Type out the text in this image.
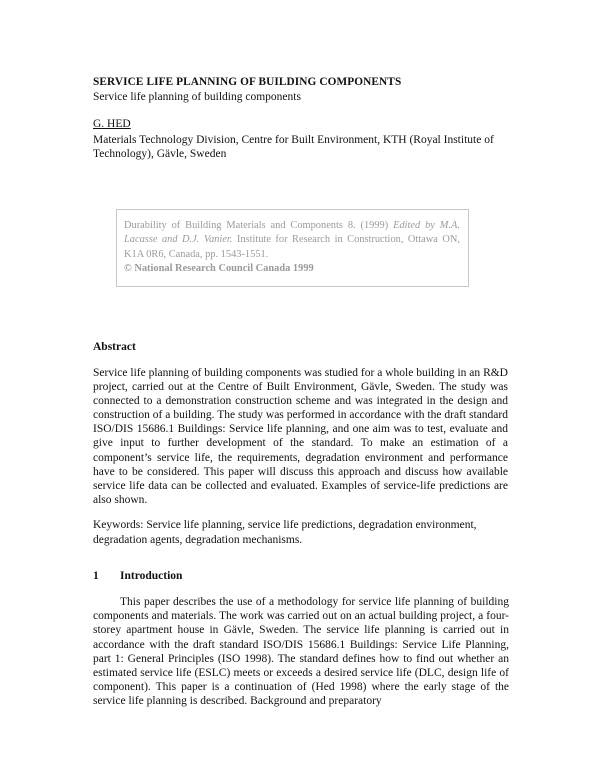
SERVICE LIFE PLANNING OF BUILDING COMPONENTS
Service life planning of building components
G. HED
Materials Technology Division, Centre for Built Environment, KTH (Royal Institute of Technology), Gävle, Sweden
Durability of Building Materials and Components 8. (1999) Edited by M.A. Lacasse and D.J. Vanier. Institute for Research in Construction, Ottawa ON, K1A 0R6, Canada, pp. 1543-1551.
© National Research Council Canada 1999
Abstract
Service life planning of building components was studied for a whole building in an R&D project, carried out at the Centre of Built Environment, Gävle, Sweden. The study was connected to a demonstration construction scheme and was integrated in the design and construction of a building. The study was performed in accordance with the draft standard ISO/DIS 15686.1 Buildings: Service life planning, and one aim was to test, evaluate and give input to further development of the standard. To make an estimation of a component’s service life, the requirements, degradation environment and performance have to be considered. This paper will discuss this approach and discuss how available service life data can be collected and evaluated. Examples of service-life predictions are also shown.
Keywords: Service life planning, service life predictions, degradation environment, degradation agents, degradation mechanisms.
1 Introduction
This paper describes the use of a methodology for service life planning of building components and materials. The work was carried out on an actual building project, a four-storey apartment house in Gävle, Sweden. The service life planning is carried out in accordance with the draft standard ISO/DIS 15686.1 Buildings: Service Life Planning, part 1: General Principles (ISO 1998). The standard defines how to find out whether an estimated service life (ESLC) meets or exceeds a desired service life (DLC, design life of component). This paper is a continuation of (Hed 1998) where the early stage of the service life planning is described. Background and preparatory
